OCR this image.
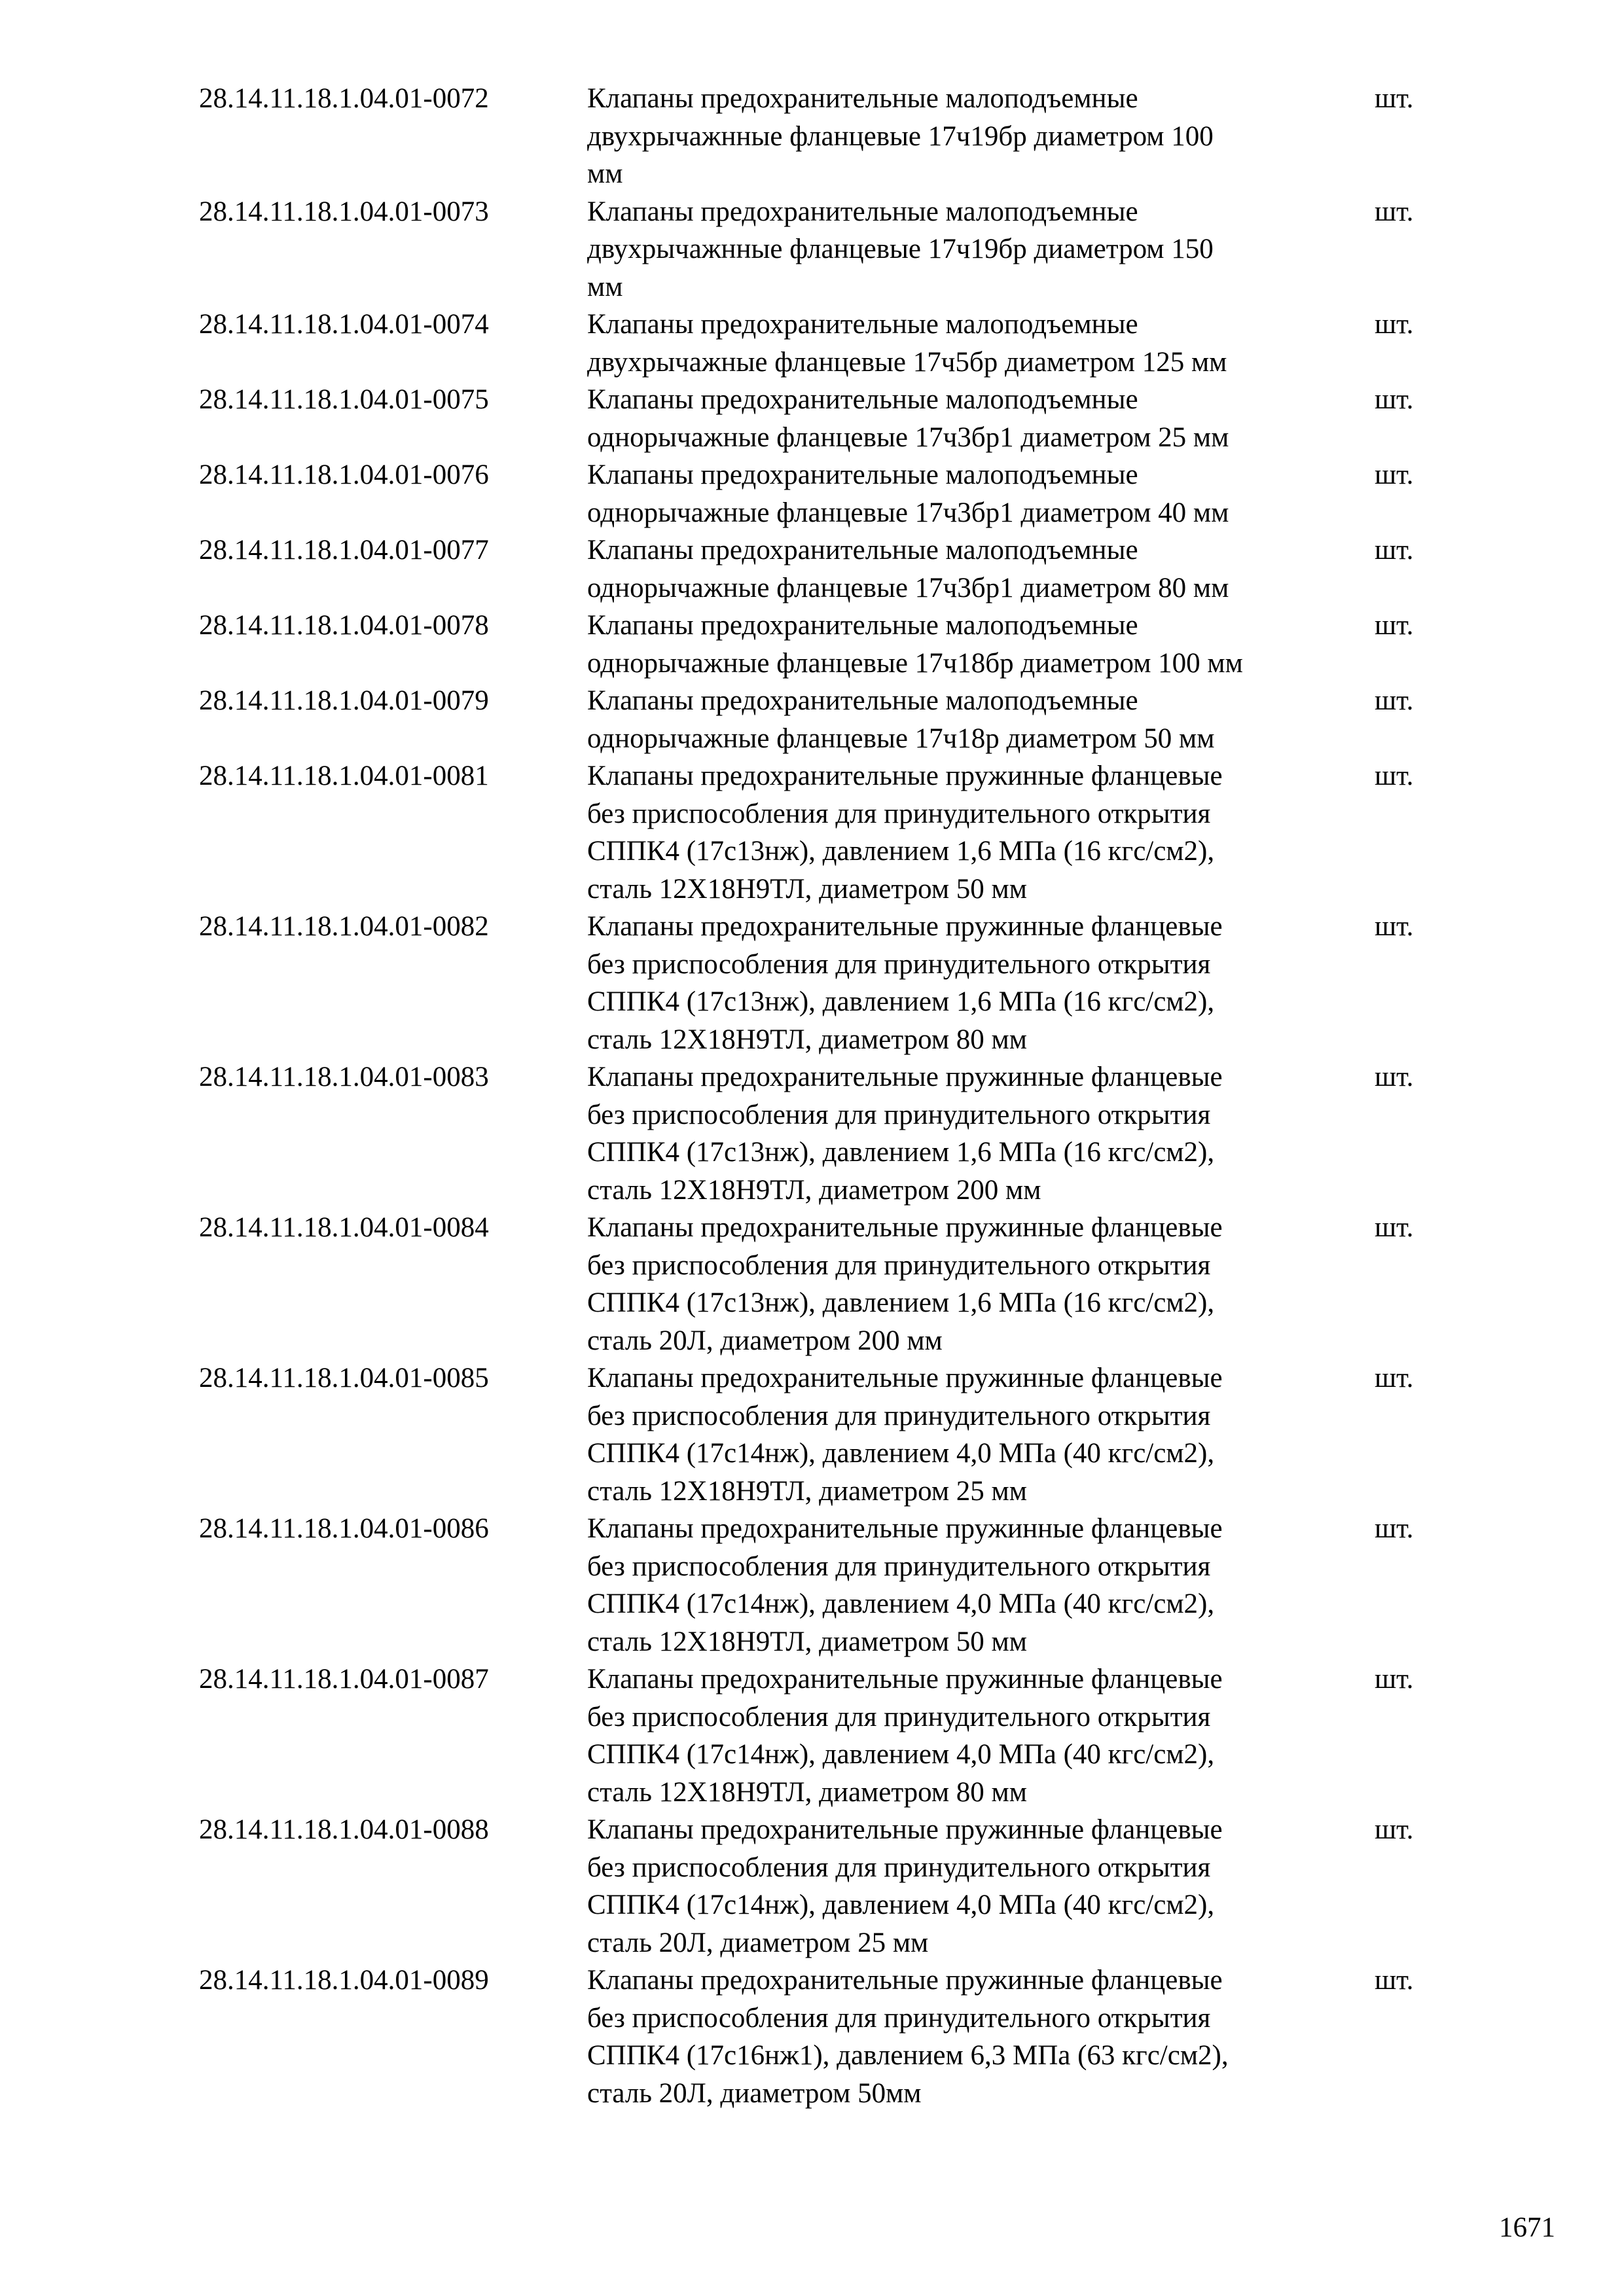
28.14.11.18.1.04.01-0072	Клапаны предохранительные малоподъемные
двухрычажнные фланцевые 17ч19бр диаметром 100
мм
шт.
28.14.11.18.1.04.01-0073	Клапаны предохранительные малоподъемные
двухрычажнные фланцевые 17ч19бр диаметром 150
мм
шт.
28.14.11.18.1.04.01-0074	Клапаны предохранительные малоподъемные
двухрычажные фланцевые 17ч5бр диаметром 125 мм
шт.
28.14.11.18.1.04.01-0075	Клапаны предохранительные малоподъемные
однорычажные фланцевые 17ч3бр1 диаметром 25 мм
шт.
28.14.11.18.1.04.01-0076	Клапаны предохранительные малоподъемные
однорычажные фланцевые 17ч3бр1 диаметром 40 мм
шт.
28.14.11.18.1.04.01-0077	Клапаны предохранительные малоподъемные
однорычажные фланцевые 17ч3бр1 диаметром 80 мм
шт.
28.14.11.18.1.04.01-0078	Клапаны предохранительные малоподъемные
однорычажные фланцевые 17ч18бр диаметром 100 мм
шт.
28.14.11.18.1.04.01-0079	Клапаны предохранительные малоподъемные
однорычажные фланцевые 17ч18р диаметром 50 мм
шт.
28.14.11.18.1.04.01-0081	Клапаны предохранительные пружинные фланцевые
без приспособления для принудительного открытия
СППК4 (17с13нж), давлением 1,6 МПа (16 кгс/см2),
сталь 12Х18Н9ТЛ, диаметром 50 мм
шт.
28.14.11.18.1.04.01-0082	Клапаны предохранительные пружинные фланцевые
без приспособления для принудительного открытия
СППК4 (17с13нж), давлением 1,6 МПа (16 кгс/см2),
сталь 12Х18Н9ТЛ, диаметром 80 мм
шт.
28.14.11.18.1.04.01-0083	Клапаны предохранительные пружинные фланцевые
без приспособления для принудительного открытия
СППК4 (17с13нж), давлением 1,6 МПа (16 кгс/см2),
сталь 12Х18Н9ТЛ, диаметром 200 мм
шт.
28.14.11.18.1.04.01-0084	Клапаны предохранительные пружинные фланцевые
без приспособления для принудительного открытия
СППК4 (17с13нж), давлением 1,6 МПа (16 кгс/см2),
сталь 20Л, диаметром 200 мм
шт.
28.14.11.18.1.04.01-0085	Клапаны предохранительные пружинные фланцевые
без приспособления для принудительного открытия
СППК4 (17с14нж), давлением 4,0 МПа (40 кгс/см2),
сталь 12Х18Н9ТЛ, диаметром 25 мм
шт.
28.14.11.18.1.04.01-0086	Клапаны предохранительные пружинные фланцевые
без приспособления для принудительного открытия
СППК4 (17с14нж), давлением 4,0 МПа (40 кгс/см2),
сталь 12Х18Н9ТЛ, диаметром 50 мм
шт.
28.14.11.18.1.04.01-0087	Клапаны предохранительные пружинные фланцевые
без приспособления для принудительного открытия
СППК4 (17с14нж), давлением 4,0 МПа (40 кгс/см2),
сталь 12Х18Н9ТЛ, диаметром 80 мм
шт.
28.14.11.18.1.04.01-0088	Клапаны предохранительные пружинные фланцевые
без приспособления для принудительного открытия
СППК4 (17с14нж), давлением 4,0 МПа (40 кгс/см2),
сталь 20Л, диаметром 25 мм
шт.
28.14.11.18.1.04.01-0089	Клапаны предохранительные пружинные фланцевые
без приспособления для принудительного открытия
СППК4 (17с16нж1), давлением 6,3 МПа (63 кгс/см2),
сталь 20Л, диаметром 50мм
шт.
1671
